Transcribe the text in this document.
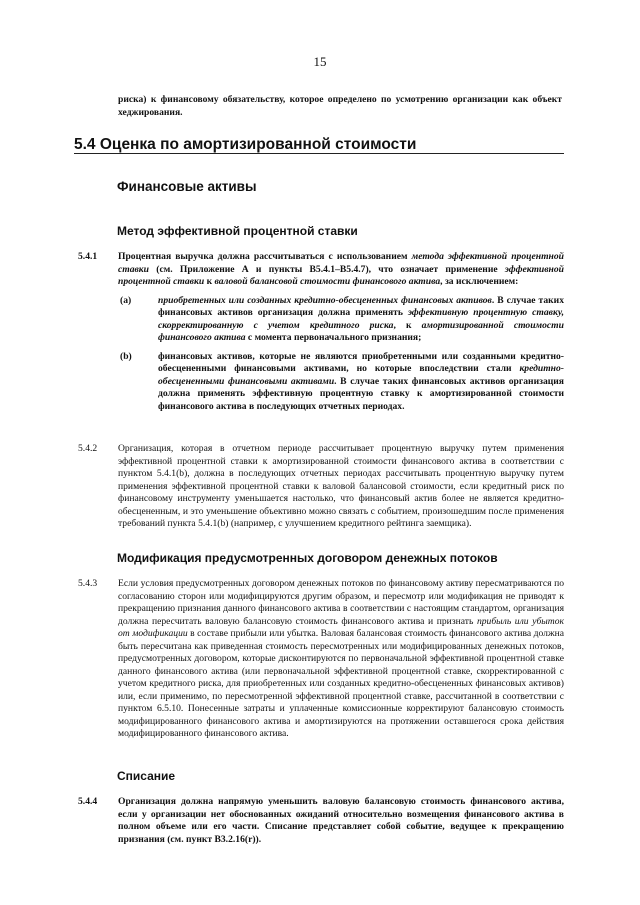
15
риска) к финансовому обязательству, которое определено по усмотрению организации как объект хеджирования.
5.4 Оценка по амортизированной стоимости
Финансовые активы
Метод эффективной процентной ставки
5.4.1 Процентная выручка должна рассчитываться с использованием метода эффективной процентной ставки (см. Приложение А и пункты В5.4.1–В5.4.7), что означает применение эффективной процентной ставки к валовой балансовой стоимости финансового актива, за исключением:
(a)	приобретенных или созданных кредитно-обесцененных финансовых активов. В случае таких финансовых активов организация должна применять эффективную процентную ставку, скорректированную с учетом кредитного риска, к амортизированной стоимости финансового актива с момента первоначального признания;
(b)	финансовых активов, которые не являются приобретенными или созданными кредитно-обесцененными финансовыми активами, но которые впоследствии стали кредитно-обесцененными финансовыми активами. В случае таких финансовых активов организация должна применять эффективную процентную ставку к амортизированной стоимости финансового актива в последующих отчетных периодах.
5.4.2 Организация, которая в отчетном периоде рассчитывает процентную выручку путем применения эффективной процентной ставки к амортизированной стоимости финансового актива в соответствии с пунктом 5.4.1(b), должна в последующих отчетных периодах рассчитывать процентную выручку путем применения эффективной процентной ставки к валовой балансовой стоимости, если кредитный риск по финансовому инструменту уменьшается настолько, что финансовый актив более не является кредитно-обесцененным, и это уменьшение объективно можно связать с событием, произошедшим после применения требований пункта 5.4.1(b) (например, с улучшением кредитного рейтинга заемщика).
Модификация предусмотренных договором денежных потоков
5.4.3 Если условия предусмотренных договором денежных потоков по финансовому активу пересматриваются по согласованию сторон или модифицируются другим образом, и пересмотр или модификация не приводят к прекращению признания данного финансового актива в соответствии с настоящим стандартом, организация должна пересчитать валовую балансовую стоимость финансового актива и признать прибыль или убыток от модификации в составе прибыли или убытка. Валовая балансовая стоимость финансового актива должна быть пересчитана как приведенная стоимость пересмотренных или модифицированных денежных потоков, предусмотренных договором, которые дисконтируются по первоначальной эффективной процентной ставке данного финансового актива (или первоначальной эффективной процентной ставке, скорректированной с учетом кредитного риска, для приобретенных или созданных кредитно-обесцененных финансовых активов) или, если применимо, по пересмотренной эффективной процентной ставке, рассчитанной в соответствии с пунктом 6.5.10. Понесенные затраты и уплаченные комиссионные корректируют балансовую стоимость модифицированного финансового актива и амортизируются на протяжении оставшегося срока действия модифицированного финансового актива.
Списание
5.4.4 Организация должна напрямую уменьшить валовую балансовую стоимость финансового актива, если у организации нет обоснованных ожиданий относительно возмещения финансового актива в полном объеме или его части. Списание представляет собой событие, ведущее к прекращению признания (см. пункт В3.2.16(r)).
